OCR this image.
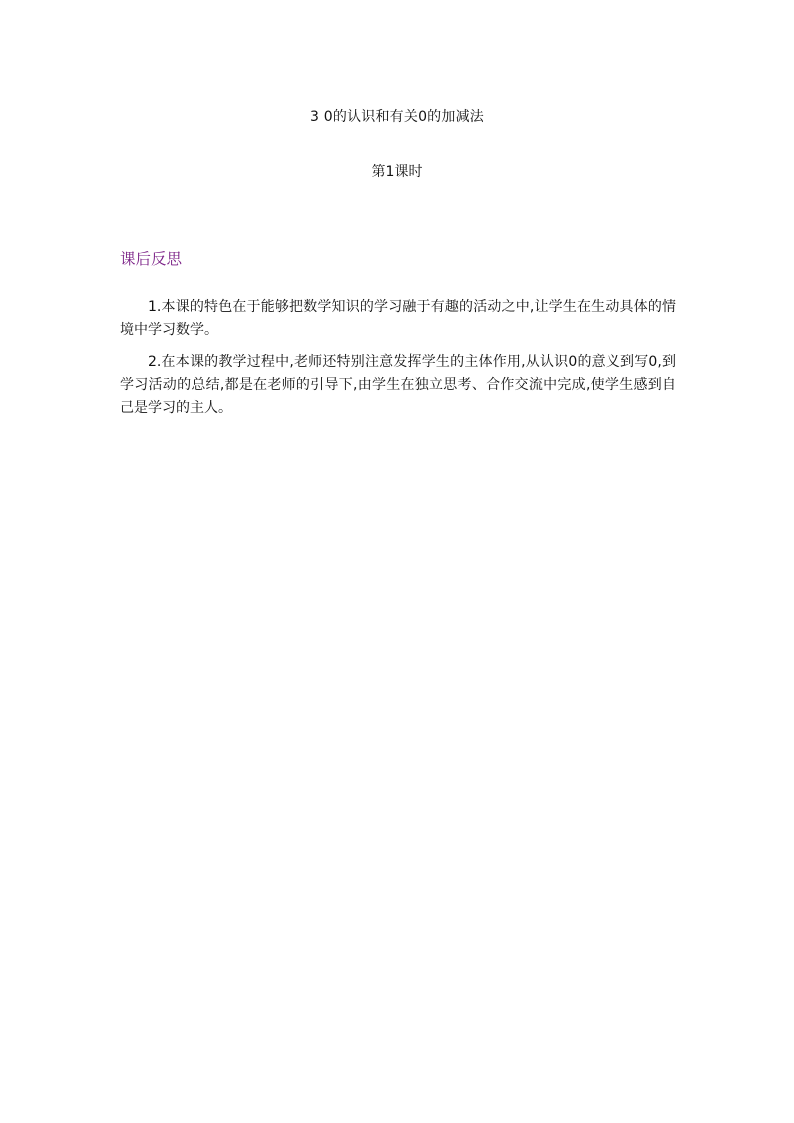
3 0的认识和有关0的加减法
第1课时
课后反思

1.本课的特色在于能够把数学知识的学习融于有趣的活动之中,让学生在生动具体的情境中学习数学。

2.在本课的教学过程中,老师还特别注意发挥学生的主体作用,从认识0的意义到写0,到学习活动的总结,都是在老师的引导下,由学生在独立思考、合作交流中完成,使学生感到自己是学习的主人。
